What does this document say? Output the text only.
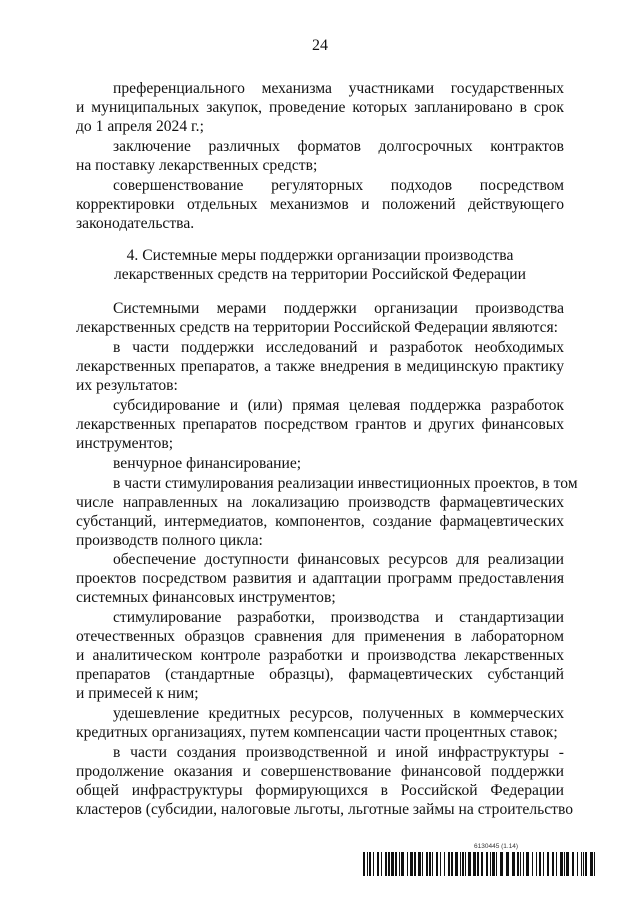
24
преференциального механизма участниками государственных
и муниципальных закупок, проведение которых запланировано в срок
до 1 апреля 2024 г.;
заключение различных форматов долгосрочных контрактов
на поставку лекарственных средств;
совершенствование регуляторных подходов посредством
корректировки отдельных механизмов и положений действующего
законодательства.
4. Системные меры поддержки организации производства
лекарственных средств на территории Российской Федерации
Системными мерами поддержки организации производства
лекарственных средств на территории Российской Федерации являются:
в части поддержки исследований и разработок необходимых
лекарственных препаратов, а также внедрения в медицинскую практику
их результатов:
субсидирование и (или) прямая целевая поддержка разработок
лекарственных препаратов посредством грантов и других финансовых
инструментов;
венчурное финансирование;
в части стимулирования реализации инвестиционных проектов, в том
числе направленных на локализацию производств фармацевтических
субстанций, интермедиатов, компонентов, создание фармацевтических
производств полного цикла:
обеспечение доступности финансовых ресурсов для реализации
проектов посредством развития и адаптации программ предоставления
системных финансовых инструментов;
стимулирование разработки, производства и стандартизации
отечественных образцов сравнения для применения в лабораторном
и аналитическом контроле разработки и производства лекарственных
препаратов (стандартные образцы), фармацевтических субстанций
и примесей к ним;
удешевление кредитных ресурсов, полученных в коммерческих
кредитных организациях, путем компенсации части процентных ставок;
в части создания производственной и иной инфраструктуры -
продолжение оказания и совершенствование финансовой поддержки
общей инфраструктуры формирующихся в Российской Федерации
кластеров (субсидии, налоговые льготы, льготные займы на строительство
6130445 (1.14)
